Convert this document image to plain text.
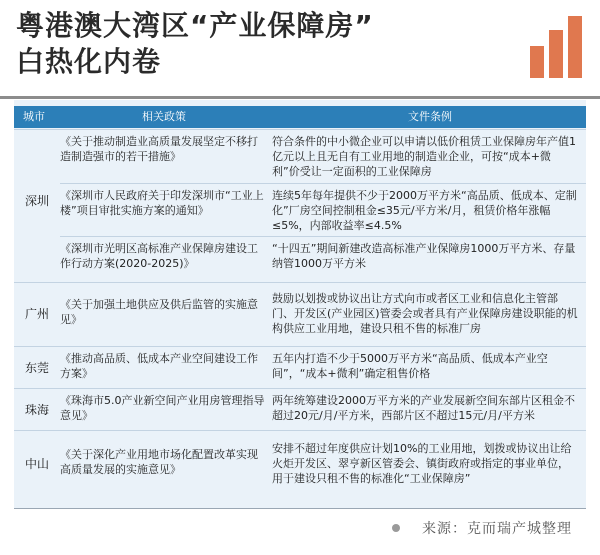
粤港澳大湾区“产业保障房”
白热化内卷
城市	相关政策	文件条例
深圳
《关于推动制造业高质量发展坚定不移打造制造强市的若干措施》
符合条件的中小微企业可以申请以低价租赁工业保障房年产值1亿元以上且无自有工业用地的制造业企业，可按“成本+微利”价受让一定面积的工业保障房
《深圳市人民政府关于印发深圳市“工业上楼”项目审批实施方案的通知》
连续5年每年提供不少于2000万平方米“高品质、低成本、定制化”厂房空间控制租金≤35元/平方米/月，租赁价格年涨幅≤5%，内部收益率≤4.5%
《深圳市光明区高标准产业保障房建设工作行动方案(2020-2025)》
“十四五”期间新建改造高标准产业保障房1000万平方米、存量纳管1000万平方米
广州
《关于加强土地供应及供后监管的实施意见》
鼓励以划拨或协议出让方式向市或者区工业和信息化主管部门、开发区(产业园区)管委会或者具有产业保障房建设职能的机构供应工业用地，建设只租不售的标准厂房
东莞
《推动高品质、低成本产业空间建设工作方案》
五年内打造不少于5000万平方米“高品质、低成本产业空间”，“成本+微利”确定租售价格
珠海
《珠海市5.0产业新空间产业用房管理指导意见》
两年统筹建设2000万平方米的产业发展新空间东部片区租金不超过20元/月/平方米，西部片区不超过15元/月/平方米
中山
《关于深化产业用地市场化配置改革实现高质量发展的实施意见》
安排不超过年度供应计划10%的工业用地，划拨或协议出让给火炬开发区、翠亨新区管委会、镇街政府或指定的事业单位，用于建设只租不售的标准化“工业保障房”
来源：克而瑞产城整理
